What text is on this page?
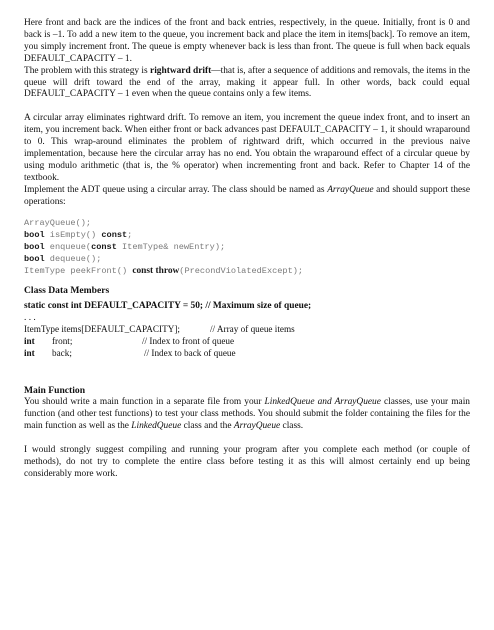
Here front and back are the indices of the front and back entries, respectively, in the queue. Initially, front is 0 and back is –1. To add a new item to the queue, you increment back and place the item in items[back]. To remove an item, you simply increment front. The queue is empty whenever back is less than front. The queue is full when back equals DEFAULT_CAPACITY – 1.

The problem with this strategy is rightward drift—that is, after a sequence of additions and removals, the items in the queue will drift toward the end of the array, making it appear full. In other words, back could equal DEFAULT_CAPACITY – 1 even when the queue contains only a few items.

A circular array eliminates rightward drift. To remove an item, you increment the queue index front, and to insert an item, you increment back. When either front or back advances past DEFAULT_CAPACITY – 1, it should wraparound to 0. This wrap-around eliminates the problem of rightward drift, which occurred in the previous naive implementation, because here the circular array has no end. You obtain the wraparound effect of a circular queue by using modulo arithmetic (that is, the % operator) when incrementing front and back. Refer to Chapter 14 of the textbook.

Implement the ADT queue using a circular array. The class should be named as ArrayQueue and should support these operations:

ArrayQueue();
bool isEmpty() const;
bool enqueue(const ItemType& newEntry);
bool dequeue();
ItemType peekFront() const throw(PrecondViolatedExcept);
Class Data Members

static const int DEFAULT_CAPACITY = 50; // Maximum size of queue;

. . .

ItemType items[DEFAULT_CAPACITY];	// Array of queue items
int front;	// Index to front of queue
int back;	// Index to back of queue
Main Function

You should write a main function in a separate file from your LinkedQueue and ArrayQueue classes, use your main function (and other test functions) to test your class methods. You should submit the folder containing the files for the main function as well as the LinkedQueue class and the ArrayQueue class.

I would strongly suggest compiling and running your program after you complete each method (or couple of methods), do not try to complete the entire class before testing it as this will almost certainly end up being considerably more work.
